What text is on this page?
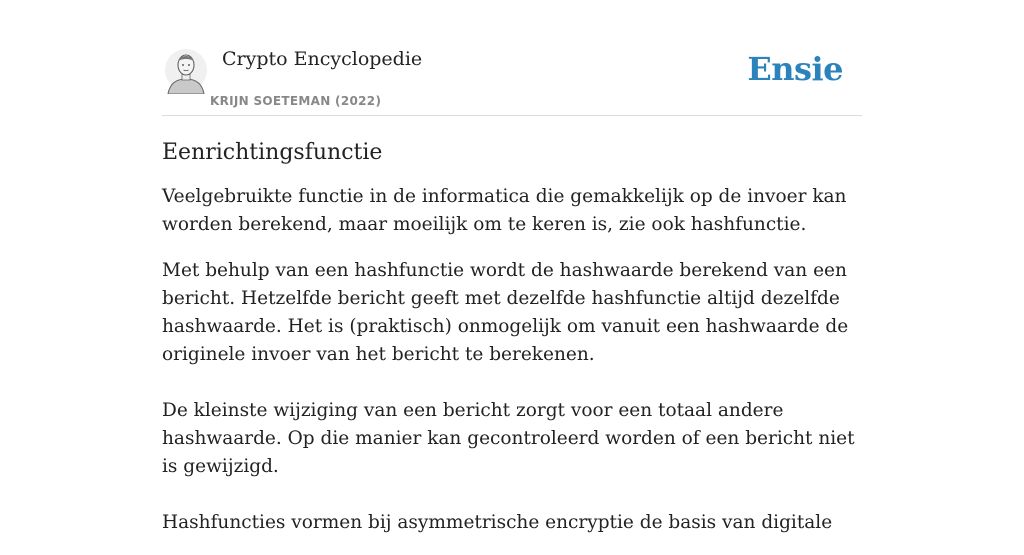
Crypto Encyclopedie
KRIJN SOETEMAN (2022)
Ensie
Eenrichtingsfunctie

Veelgebruikte functie in de informatica die gemakkelijk op de invoer kan worden berekend, maar moeilijk om te keren is, zie ook hashfunctie.

Met behulp van een hashfunctie wordt de hashwaarde berekend van een bericht. Hetzelfde bericht geeft met dezelfde hashfunctie altijd dezelfde hashwaarde. Het is (praktisch) onmogelijk om vanuit een hashwaarde de originele invoer van het bericht te berekenen.

De kleinste wijziging van een bericht zorgt voor een totaal andere hashwaarde. Op die manier kan gecontroleerd worden of een bericht niet is gewijzigd.

Hashfuncties vormen bij asymmetrische encryptie de basis van digitale
